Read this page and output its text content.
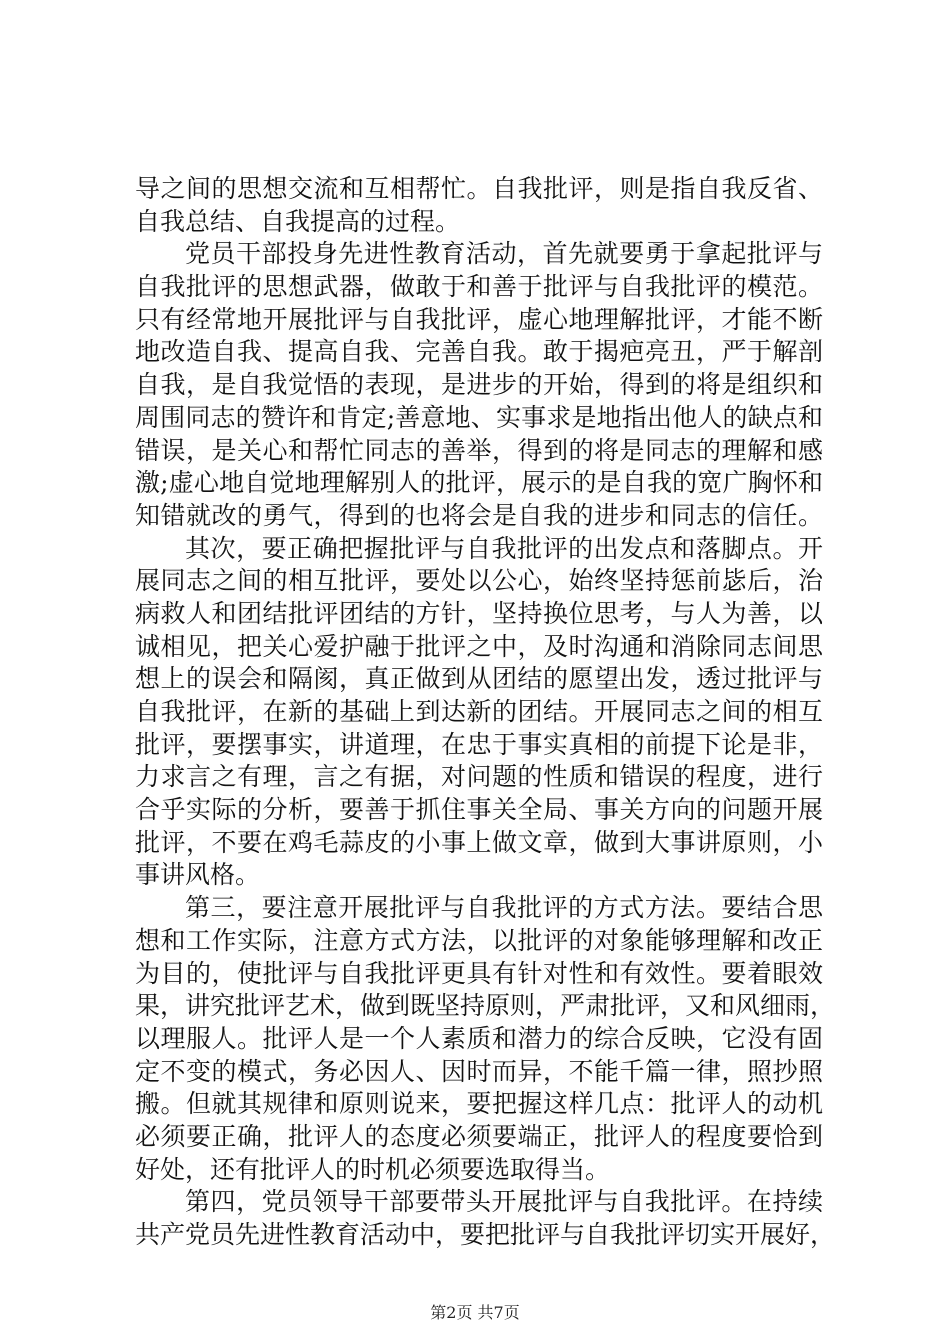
导之间的思想交流和互相帮忙。自我批评，则是指自我反省、
自我总结、自我提高的过程。
党员干部投身先进性教育活动，首先就要勇于拿起批评与
自我批评的思想武器，做敢于和善于批评与自我批评的模范。
只有经常地开展批评与自我批评，虚心地理解批评，才能不断
地改造自我、提高自我、完善自我。敢于揭疤亮丑，严于解剖
自我，是自我觉悟的表现，是进步的开始，得到的将是组织和
周围同志的赞许和肯定;善意地、实事求是地指出他人的缺点和
错误，是关心和帮忙同志的善举，得到的将是同志的理解和感
激;虚心地自觉地理解别人的批评，展示的是自我的宽广胸怀和
知错就改的勇气，得到的也将会是自我的进步和同志的信任。
其次，要正确把握批评与自我批评的出发点和落脚点。开
展同志之间的相互批评，要处以公心，始终坚持惩前毖后，治
病救人和团结批评团结的方针，坚持换位思考，与人为善，以
诚相见，把关心爱护融于批评之中，及时沟通和消除同志间思
想上的误会和隔阂，真正做到从团结的愿望出发，透过批评与
自我批评，在新的基础上到达新的团结。开展同志之间的相互
批评，要摆事实，讲道理，在忠于事实真相的前提下论是非，
力求言之有理，言之有据，对问题的性质和错误的程度，进行
合乎实际的分析，要善于抓住事关全局、事关方向的问题开展
批评，不要在鸡毛蒜皮的小事上做文章，做到大事讲原则，小
事讲风格。
第三，要注意开展批评与自我批评的方式方法。要结合思
想和工作实际，注意方式方法，以批评的对象能够理解和改正
为目的，使批评与自我批评更具有针对性和有效性。要着眼效
果，讲究批评艺术，做到既坚持原则，严肃批评，又和风细雨，
以理服人。批评人是一个人素质和潜力的综合反映，它没有固
定不变的模式，务必因人、因时而异，不能千篇一律，照抄照
搬。但就其规律和原则说来，要把握这样几点：批评人的动机
必须要正确，批评人的态度必须要端正，批评人的程度要恰到
好处，还有批评人的时机必须要选取得当。
第四，党员领导干部要带头开展批评与自我批评。在持续
共产党员先进性教育活动中，要把批评与自我批评切实开展好，
第2页 共7页
